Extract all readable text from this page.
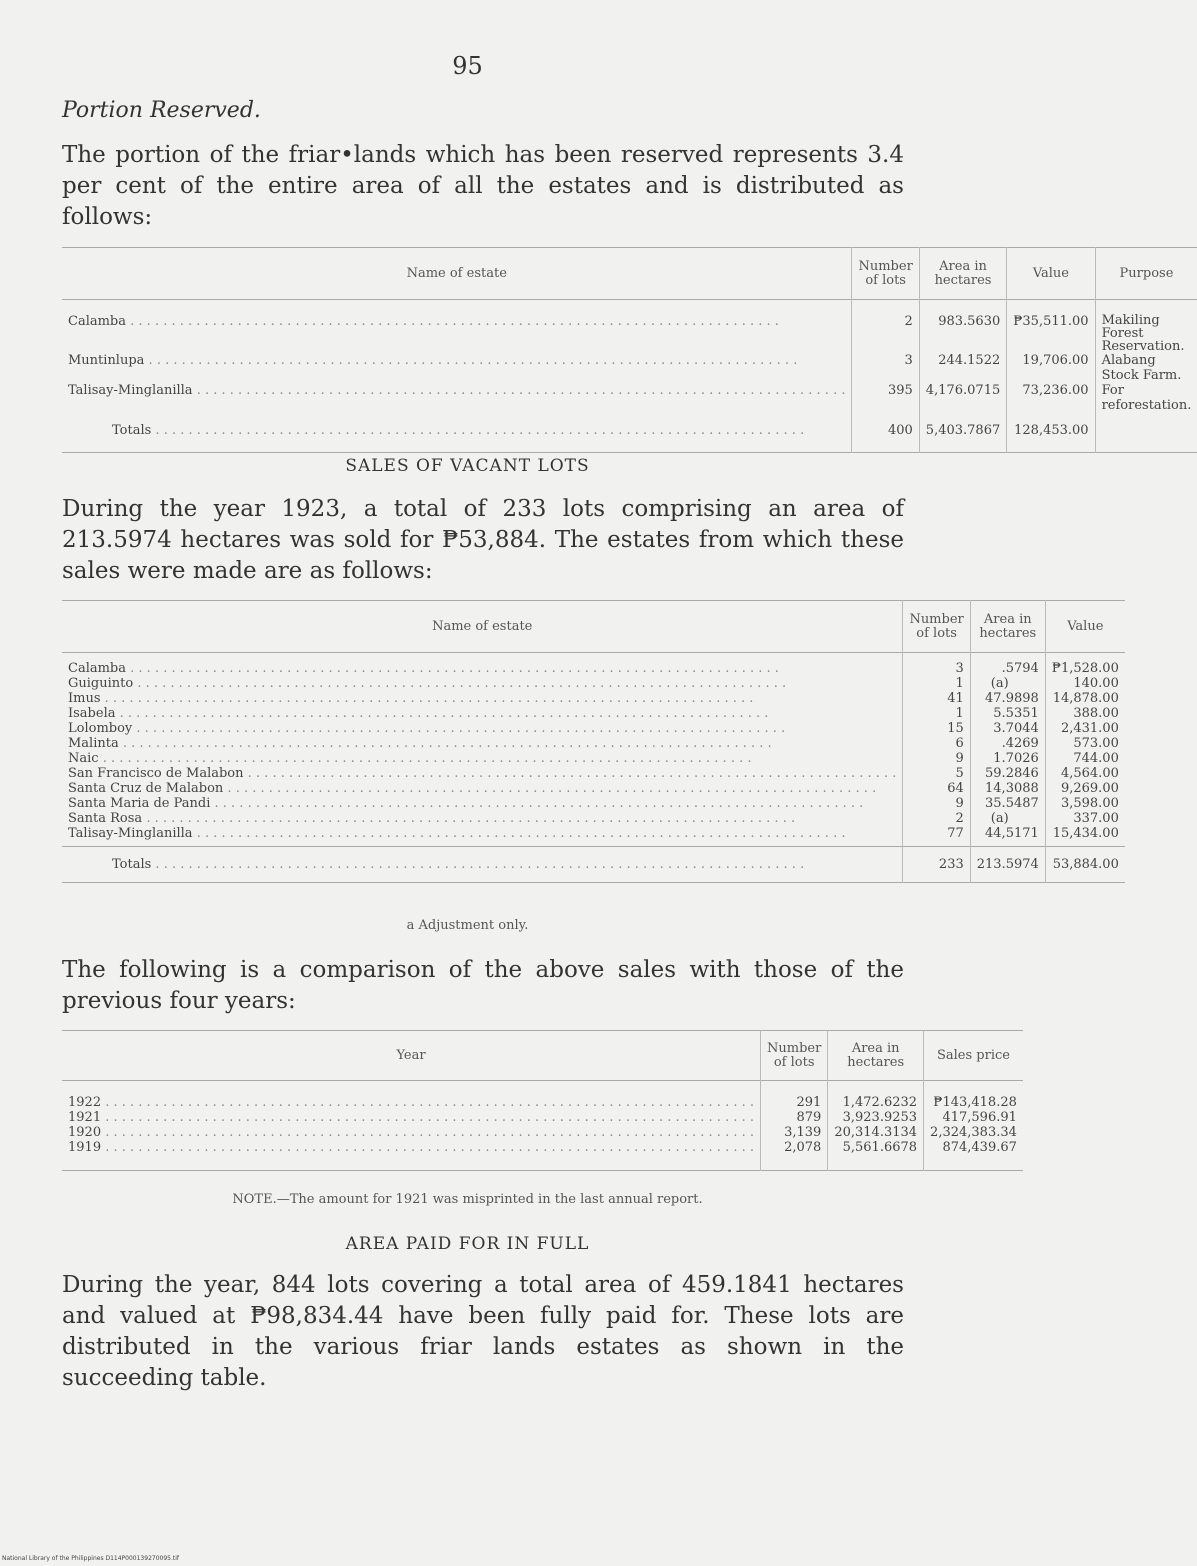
95
Portion Reserved.
The portion of the friar•lands which has been reserved represents 3.4 per cent of the entire area of all the estates and is distributed as follows:
Name of estate	Number of lots	Area in hectares	Value	Purpose

Calamba . . .	2	983.5630	₱35,511.00	Makiling Forest Reservation.
Muntinlupa . . .	3	244.1522	19,706.00	Alabang Stock Farm.
Talisay-Minglanilla . . .	395	4,176.0715	73,236.00	For reforestation.

Totals . . .	400	5,403.7867	128,453.00	
SALES OF VACANT LOTS
During the year 1923, a total of 233 lots comprising an area of 213.5974 hectares was sold for ₱53,884. The estates from which these sales were made are as follows:
Name of estate	Number of lots	Area in hectares	Value

Calamba . . .	3	.5794	₱1,528.00
Guiguinto . . .	1	(a)	140.00
Imus . . .	41	47.9898	14,878.00
Isabela . . .	1	5.5351	388.00
Lolomboy . . .	15	3.7044	2,431.00
Malinta . . .	6	.4269	573.00
Naic . . .	9	1.7026	744.00
San Francisco de Malabon . . .	5	59.2846	4,564.00
Santa Cruz de Malabon . . .	64	14,3088	9,269.00
Santa Maria de Pandi . . .	9	35.5487	3,598.00
Santa Rosa . . .	2	(a)	337.00
Talisay-Minglanilla . . .	77	44,5171	15,434.00

Totals . . .	233	213.5974	53,884.00
a Adjustment only.
The following is a comparison of the above sales with those of the previous four years:
Year	Number of lots	Area in hectares	Sales price

1922 . . .	291	1,472.6232	₱143,418.28
1921 . . .	879	3,923.9253	417,596.91
1920 . . .	3,139	20,314.3134	2,324,383.34
1919 . . .	2,078	5,561.6678	874,439.67

NOTE.—The amount for 1921 was misprinted in the last annual report.
AREA PAID FOR IN FULL
During the year, 844 lots covering a total area of 459.1841 hectares and valued at ₱98,834.44 have been fully paid for. These lots are distributed in the various friar lands estates as shown in the succeeding table.
National Library of the Philippines D114P000139270095.tif
